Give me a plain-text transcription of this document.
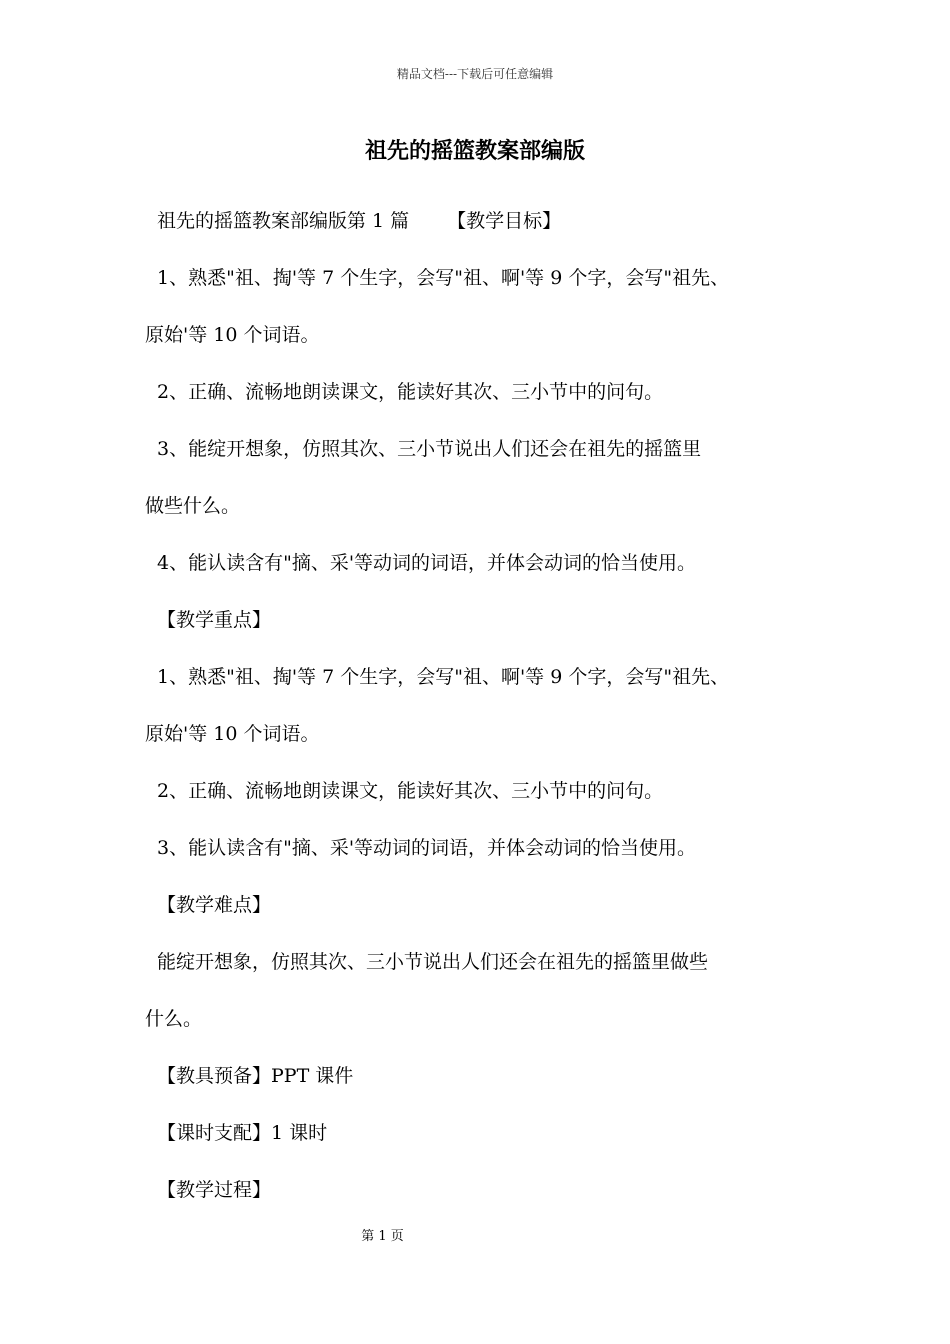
精品文档---下载后可任意编辑
祖先的摇篮教案部编版
祖先的摇篮教案部编版第 1 篇 【教学目标】
1、熟悉"祖、掏'等 7 个生字，会写"祖、啊'等 9 个字，会写"祖先、
原始'等 10 个词语。
2、正确、流畅地朗读课文，能读好其次、三小节中的问句。
3、能绽开想象，仿照其次、三小节说出人们还会在祖先的摇篮里
做些什么。
4、能认读含有"摘、采'等动词的词语，并体会动词的恰当使用。
【教学重点】
1、熟悉"祖、掏'等 7 个生字，会写"祖、啊'等 9 个字，会写"祖先、
原始'等 10 个词语。
2、正确、流畅地朗读课文，能读好其次、三小节中的问句。
3、能认读含有"摘、采'等动词的词语，并体会动词的恰当使用。
【教学难点】
能绽开想象，仿照其次、三小节说出人们还会在祖先的摇篮里做些
什么。
【教具预备】PPT 课件
【课时支配】1 课时
【教学过程】
第 1 页
